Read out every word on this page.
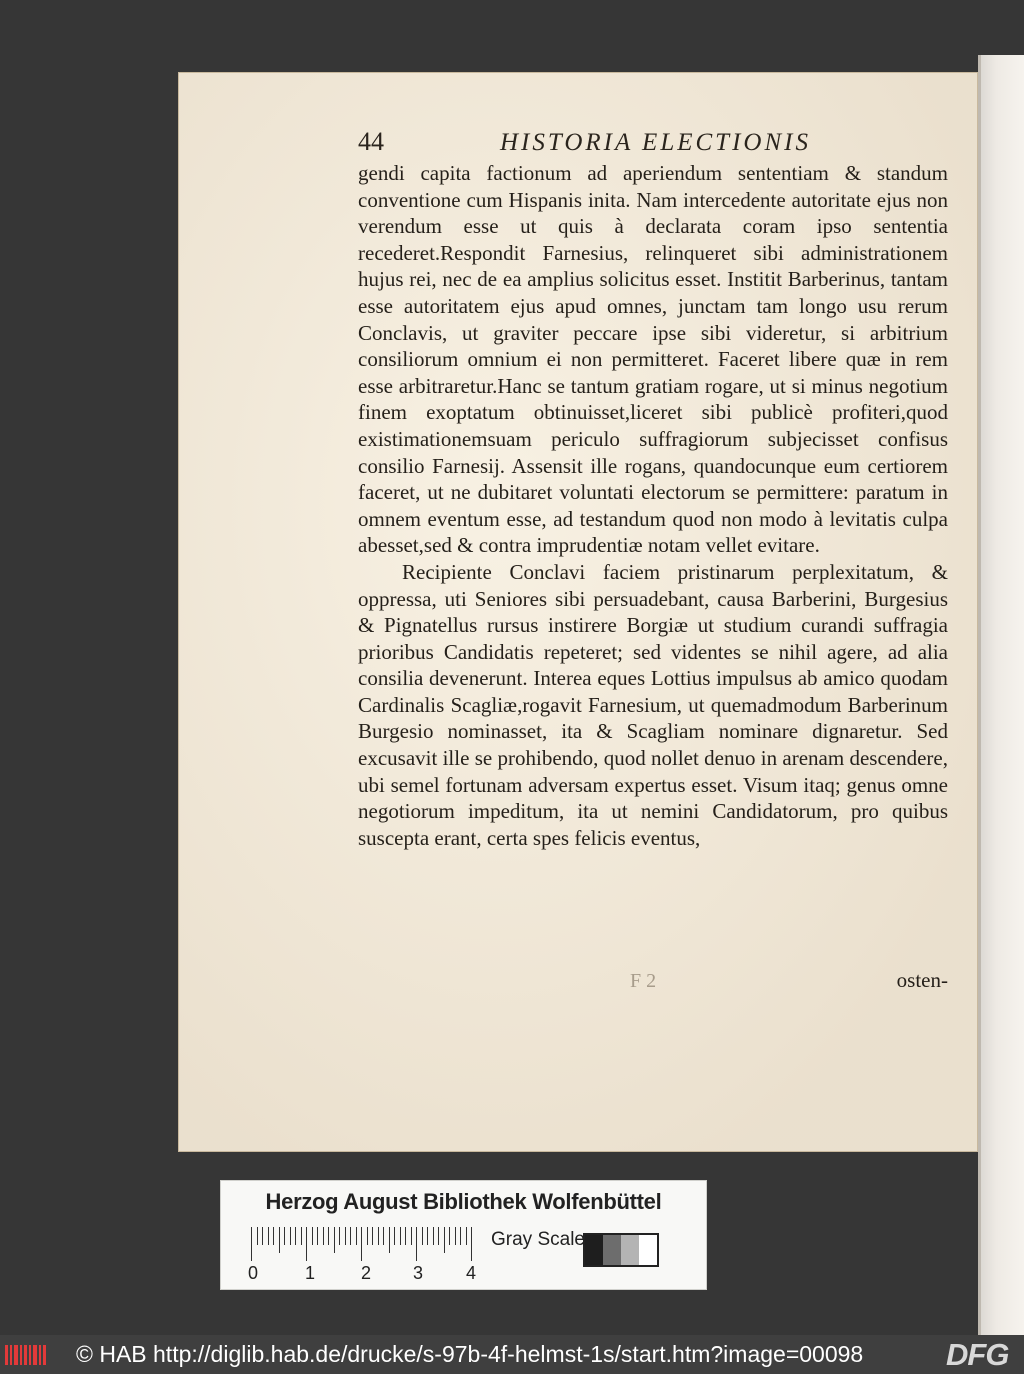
44	HISTORIA ELECTIONIS

gendi capita factionum ad aperiendum sententiam & standum conventione cum Hispanis inita. Nam intercedente autoritate ejus non verendum esse ut quis à declarata coram ipso sententia recederet.Respondit Farnesius, relinqueret sibi administrationem hujus rei, nec de ea amplius solicitus esset. Institit Barberinus, tantam esse autoritatem ejus apud omnes, junctam tam longo usu rerum Conclavis, ut graviter peccare ipse sibi videretur, si arbitrium consiliorum omnium ei non permitteret. Faceret libere quæ in rem esse arbitraretur.Hanc se tantum gratiam rogare, ut si minus negotium finem exoptatum obtinuisset,liceret sibi publicè profiteri,quod existimationemsuam periculo suffragiorum subjecisset confisus consilio Farnesij. Assensit ille rogans, quandocunque eum certiorem faceret, ut ne dubitaret voluntati electorum se permittere: paratum in omnem eventum esse, ad testandum quod non modo à levitatis culpa abesset,sed & contra imprudentiæ notam vellet evitare.

Recipiente Conclavi faciem pristinarum perplexitatum, & oppressa, uti Seniores sibi persuadebant, causa Barberini, Burgesius & Pignatellus rursus instirere Borgiæ ut studium curandi suffragia prioribus Candidatis repeteret; sed videntes se nihil agere, ad alia consilia devenerunt. Interea eques Lottius impulsus ab amico quodam Cardinalis Scagliæ,rogavit Farnesium, ut quemadmodum Barberinum Burgesio nominasset, ita & Scagliam nominare dignaretur. Sed excusavit ille se prohibendo, quod nollet denuo in arenam descendere, ubi semel fortunam adversam expertus esset. Visum itaq; genus omne negotiorum impeditum, ita ut nemini Candidatorum, pro quibus suscepta erant, certa spes felicis eventus,

F 2	osten-
Herzog August Bibliothek Wolfenbüttel
0	1	2 3 4
Gray Scale
© HAB http://diglib.hab.de/drucke/s-97b-4f-helmst-1s/start.htm?image=00098	DFG
